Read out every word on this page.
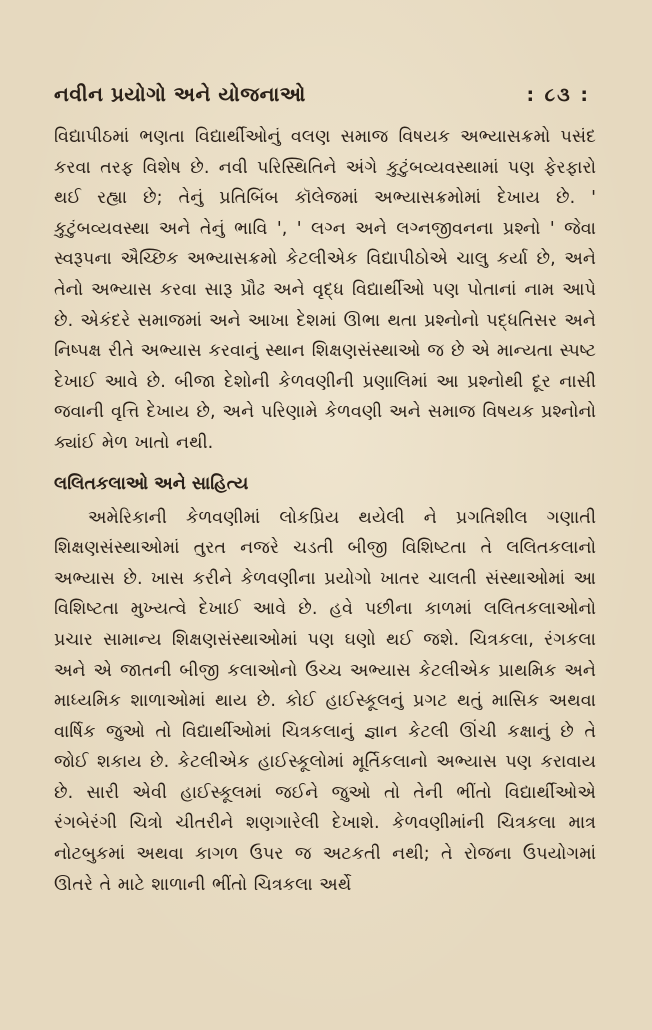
નવીન પ્રયોગો અને યોજનાઓ	: ૮૩ :

વિદ્યાપીઠમાં ભણતા વિદ્યાર્થીઓનું વલણ સમાજ વિષયક અભ્યાસક્રમો પસંદ કરવા તરફ વિશેષ છે. નવી પરિસ્થિતિને અંગે કુટુંબવ્યવસ્થામાં પણ ફેરફારો થઈ રહ્યા છે; તેનું પ્રતિબિંબ કૉલેજમાં અભ્યાસક્રમોમાં દેખાય છે. ' કુટુંબવ્યવસ્થા અને તેનું ભાવિ ', ' લગ્ન અને લગ્નજીવનના પ્રશ્નો ' જેવા સ્વરૂપના ઐચ્છિક અભ્યાસક્રમો કેટલીએક વિદ્યાપીઠોએ ચાલુ કર્યા છે, અને તેનો અભ્યાસ કરવા સારૂ પ્રૌઢ અને વૃદ્ધ વિદ્યાર્થીઓ પણ પોતાનાં નામ આપે છે. એકંદરે સમાજમાં અને આખા દેશમાં ઊભા થતા પ્રશ્નોનો પદ્ધતિસર અને નિષ્પક્ષ રીતે અભ્યાસ કરવાનું સ્થાન શિક્ષણસંસ્થાઓ જ છે એ માન્યતા સ્પષ્ટ દેખાઈ આવે છે. બીજા દેશોની કેળવણીની પ્રણાલિમાં આ પ્રશ્નોથી દૂર નાસી જવાની વૃત્તિ દેખાય છે, અને પરિણામે કેળવણી અને સમાજ વિષયક પ્રશ્નોનો ક્યાંઈ મેળ ખાતો નથી.

લલિતકલાઓ અને સાહિત્ય

અમેરિકાની કેળવણીમાં લોકપ્રિય થયેલી ને પ્રગતિશીલ ગણાતી શિક્ષણસંસ્થાઓમાં તુરત નજરે ચડતી બીજી વિશિષ્ટતા તે લલિતકલાનો અભ્યાસ છે. ખાસ કરીને કેળવણીના પ્રયોગો ખાતર ચાલતી સંસ્થાઓમાં આ વિશિષ્ટતા મુખ્યત્વે દેખાઈ આવે છે. હવે પછીના કાળમાં લલિતકલાઓનો પ્રચાર સામાન્ય શિક્ષણસંસ્થાઓમાં પણ ઘણો થઈ જશે. ચિત્રકલા, રંગકલા અને એ જાતની બીજી કલાઓનો ઉચ્ચ અભ્યાસ કેટલીએક પ્રાથમિક અને માધ્યમિક શાળાઓમાં થાય છે. કોઈ હાઈસ્કૂલનું પ્રગટ થતું માસિક અથવા વાર્ષિક જુઓ તો વિદ્યાર્થીઓમાં ચિત્રકલાનું જ્ઞાન કેટલી ઊંચી કક્ષાનું છે તે જોઈ શકાય છે. કેટલીએક હાઈસ્કૂલોમાં મૂર્તિકલાનો અભ્યાસ પણ કરાવાય છે. સારી એવી હાઈસ્કૂલમાં જઈને જુઓ તો તેની ભીંતો વિદ્યાર્થીઓએ રંગબેરંગી ચિત્રો ચીતરીને શણગારેલી દેખાશે. કેળવણીમાંની ચિત્રકલા માત્ર નોટબુકમાં અથવા કાગળ ઉપર જ અટકતી નથી; તે રોજના ઉપયોગમાં ઊતરે તે માટે શાળાની ભીંતો ચિત્રકલા અર્થે
